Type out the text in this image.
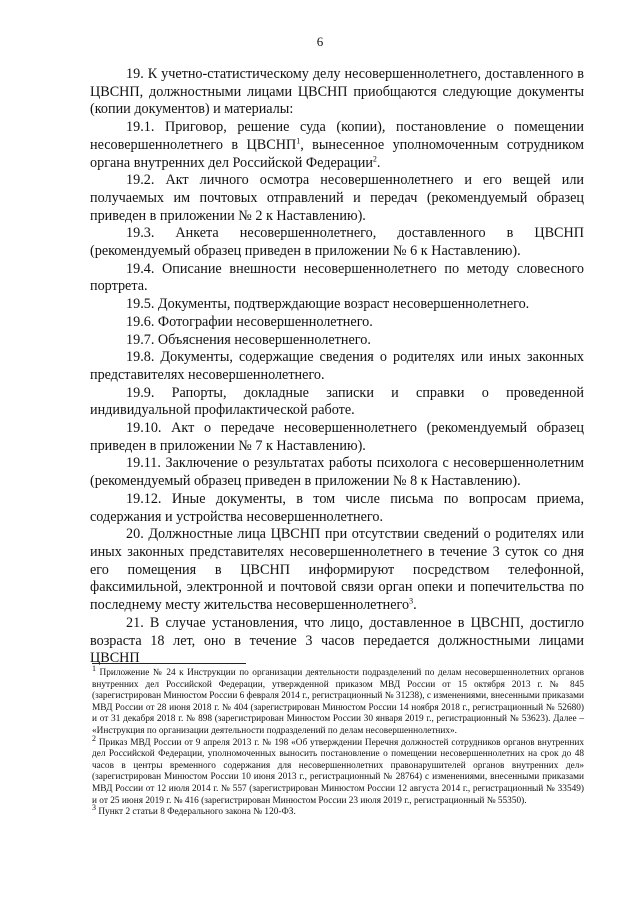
6

19. К учетно-статистическому делу несовершеннолетнего, доставленного в ЦВСНП, должностными лицами ЦВСНП приобщаются следующие документы (копии документов) и материалы:

19.1. Приговор, решение суда (копии), постановление о помещении несовершеннолетнего в ЦВСНП$^1$, вынесенное уполномоченным сотрудником органа внутренних дел Российской Федерации$^2$.

19.2. Акт личного осмотра несовершеннолетнего и его вещей или получаемых им почтовых отправлений и передач (рекомендуемый образец приведен в приложении № 2 к Наставлению).

19.3. Анкета несовершеннолетнего, доставленного в ЦВСНП (рекомендуемый образец приведен в приложении № 6 к Наставлению).

19.4. Описание внешности несовершеннолетнего по методу словесного портрета.

19.5. Документы, подтверждающие возраст несовершеннолетнего.

19.6. Фотографии несовершеннолетнего.

19.7. Объяснения несовершеннолетнего.

19.8. Документы, содержащие сведения о родителях или иных законных представителях несовершеннолетнего.

19.9. Рапорты, докладные записки и справки о проведенной индивидуальной профилактической работе.

19.10. Акт о передаче несовершеннолетнего (рекомендуемый образец приведен в приложении № 7 к Наставлению).

19.11. Заключение о результатах работы психолога с несовершеннолетним (рекомендуемый образец приведен в приложении № 8 к Наставлению).

19.12. Иные документы, в том числе письма по вопросам приема, содержания и устройства несовершеннолетнего.

20. Должностные лица ЦВСНП при отсутствии сведений о родителях или иных законных представителях несовершеннолетнего в течение 3 суток со дня его помещения в ЦВСНП информируют посредством телефонной, факсимильной, электронной и почтовой связи орган опеки и попечительства по последнему месту жительства несовершеннолетнего$^3$.

21. В случае установления, что лицо, доставленное в ЦВСНП, достигло возраста 18 лет, оно в течение 3 часов передается должностными лицами ЦВСНП

$^1$ Приложение № 24 к Инструкции по организации деятельности подразделений по делам несовершеннолетних органов внутренних дел Российской Федерации, утвержденной приказом МВД России от 15 октября 2013 г. № 845 (зарегистрирован Минюстом России 6 февраля 2014 г., регистрационный № 31238), с изменениями, внесенными приказами МВД России от 28 июня 2018 г. № 404 (зарегистрирован Минюстом России 14 ноября 2018 г., регистрационный № 52680) и от 31 декабря 2018 г. № 898 (зарегистрирован Минюстом России 30 января 2019 г., регистрационный № 53623). Далее – «Инструкция по организации деятельности подразделений по делам несовершеннолетних».

$^2$ Приказ МВД России от 9 апреля 2013 г. № 198 «Об утверждении Перечня должностей сотрудников органов внутренних дел Российской Федерации, уполномоченных выносить постановление о помещении несовершеннолетних на срок до 48 часов в центры временного содержания для несовершеннолетних правонарушителей органов внутренних дел» (зарегистрирован Минюстом России 10 июня 2013 г., регистрационный № 28764) с изменениями, внесенными приказами МВД России от 12 июля 2014 г. № 557 (зарегистрирован Минюстом России 12 августа 2014 г., регистрационный № 33549) и от 25 июня 2019 г. № 416 (зарегистрирован Минюстом России 23 июля 2019 г., регистрационный № 55350).

$^3$ Пункт 2 статьи 8 Федерального закона № 120-ФЗ.
